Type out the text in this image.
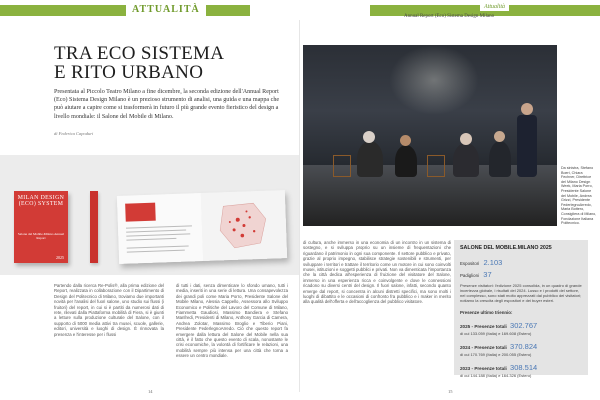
ATTUALITÀ	Attualità
Annual Report (Eco) Sistema Design Milano
TRA ECO SISTEMA
E RITO URBANO

Presentata al Piccolo Teatro Milano a fine dicembre, la seconda edizione dell'Annual Report (Eco) Sistema Design Milano è un prezioso strumento di analisi, una guida e una mappa che può aiutare a capire come si trasformerà in futuro il più grande evento fieristico del design a livello mondiale: il Salone del Mobile di Milano.

di Federica Capoduri
MILAN DESIGN (ECO) SYSTEM
Salone del Mobile.Milano Annual Report
2025

Partendo dalla ricerca Re-Polis®, alla prima edizione del Report, realizzata in collaborazione con il Dipartimento di Design del Politecnico di Milano, troviamo due importanti novità per l'analisi del fuori salone, uno studio sui flussi (i fruitori) del report, in cui si è partiti da numerosi dati di rete, rilevati dalla Piattaforma mobilità di Fiera, si è giunti a letture sulla produzione culturale del Salone, con il supporto di 5000 media attivi tra musei, scuole, gallerie, editori, università e luoghi di design. È rinnovata la presenza e l'interesse per i flussi

di tutti i dati, senza dimenticare lo sfondo umano, tutti i media, inseriti in una serie di lettura. Una consapevolezza dei grandi poli come Maria Porro, Presidente Salone del Mobile Milano, Alessia Cappello, Assessora allo Sviluppo Economico e Politiche del Lavoro del Comune di Milano, Fiammetta Gaudiosi, Massimo Bandiera e Stefano Manfredi, Presidenti di Milano, Anthony Garcia di Camera, Andrea Zolotar, Massimo Broglio e Tiberio Piani, Presidente FederlegnoArredo. Ciò che questo report fa emergere dalla lettura del Salone del Mobile nella sua città, è il fatto che questo evento di scala, nonostante le crisi economiche, la volontà di fortificare le relazioni, una mobilità sempre più intensa per una città che torna a essere un centro mondiale.

14

Da sinistra, Stefano Boeri, Chiara Fechner, Direttrice del Milano Design Week, Maria Porro, Presidente Salone del Mobile, Andrea Grizzi, Presidente FederlegnoArredo, Maria Bottero, Consigliera di Milano, Fondazione Italiana Politecnico.

di cultura, anche immerso in una economia di un incontro in un sistema di sostegno, e si sviluppa proprio su un insieme di frequentazioni che riguardano il patrimonio in ogni sua componente. Il settore pubblico e privato, grazie al proprio impegno, stabilisce strategie sostenibili e strumenti, per sviluppare i territori e trattare il territorio come un motore in cui sono coinvolti musei, istituzioni e soggetti pubblici e privati. Non va dimenticata l'importanza che la città dedica all'esperienza di fruizione del visitatore del Salone, immerso in una esperienza ricca e coinvolgente e dove le connessioni ricadono su diversi centri del design. Il fuori salone, infatti, secondo quanto emerge dal report, si concentra in alcuni distretti specifici, ma sono molti i luoghi di dibattito e le occasioni di confronto fra pubblico e i maker in merito alla qualità dell'offerta e dell'accoglienza del pubblico visitatore.

SALONE DEL MOBILE.MILANO 2025
Espositori 2.103
Padiglioni 37

Presenze visitatori: l'edizione 2025 consolida, in un quadro di grande incertezza globale, i risultati del 2024. Lusso e i prodotti del settore, nel complesso, sono stati molto apprezzati dal pubblico dei visitatori; notiamo la crescita degli espositori e dei buyer esteri.

Presenze ultimo triennio:
2025 - Presenze totali 302.767
di cui 133.059 (Italia) e 169.608 (Estero)
2024 - Presenze totali 370.824
di cui 170.769 (Italia) e 200.055 (Estero)
2023 - Presenze totali 308.514
di cui 144.188 (Italia) e 164.326 (Estero)
15
